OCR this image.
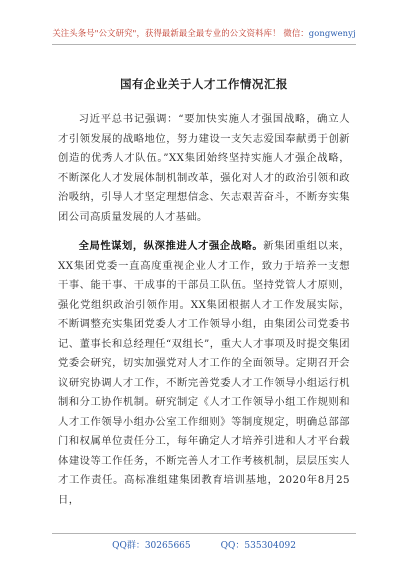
关注头条号"公文研究"，获得最新最全最专业的公文资料库！ 微信：gongwenyj
国有企业关于人才工作情况汇报

习近平总书记强调：“要加快实施人才强国战略，确立人才引领发展的战略地位，努力建设一支矢志爱国奉献勇于创新创造的优秀人才队伍。”XX集团始终坚持实施人才强企战略，不断深化人才发展体制机制改革，强化对人才的政治引领和政治吸纳，引导人才坚定理想信念、矢志艰苦奋斗，不断夯实集团公司高质量发展的人才基础。

全局性谋划，纵深推进人才强企战略。新集团重组以来，XX集团党委一直高度重视企业人才工作，致力于培养一支想干事、能干事、干成事的干部员工队伍。坚持党管人才原则，强化党组织政治引领作用。XX集团根据人才工作发展实际，不断调整充实集团党委人才工作领导小组，由集团公司党委书记、董事长和总经理任“双组长”，重大人才事项及时提交集团党委会研究，切实加强党对人才工作的全面领导。定期召开会议研究协调人才工作，不断完善党委人才工作领导小组运行机制和分工协作机制。研究制定《人才工作领导小组工作规则和人才工作领导小组办公室工作细则》等制度规定，明确总部部门和权属单位责任分工，每年确定人才培养引进和人才平台载体建设等工作任务，不断完善人才工作考核机制，层层压实人才工作责任。高标准组建集团教育培训基地，2020年8月25日，

QQ群：30265665	QQ：535304092
